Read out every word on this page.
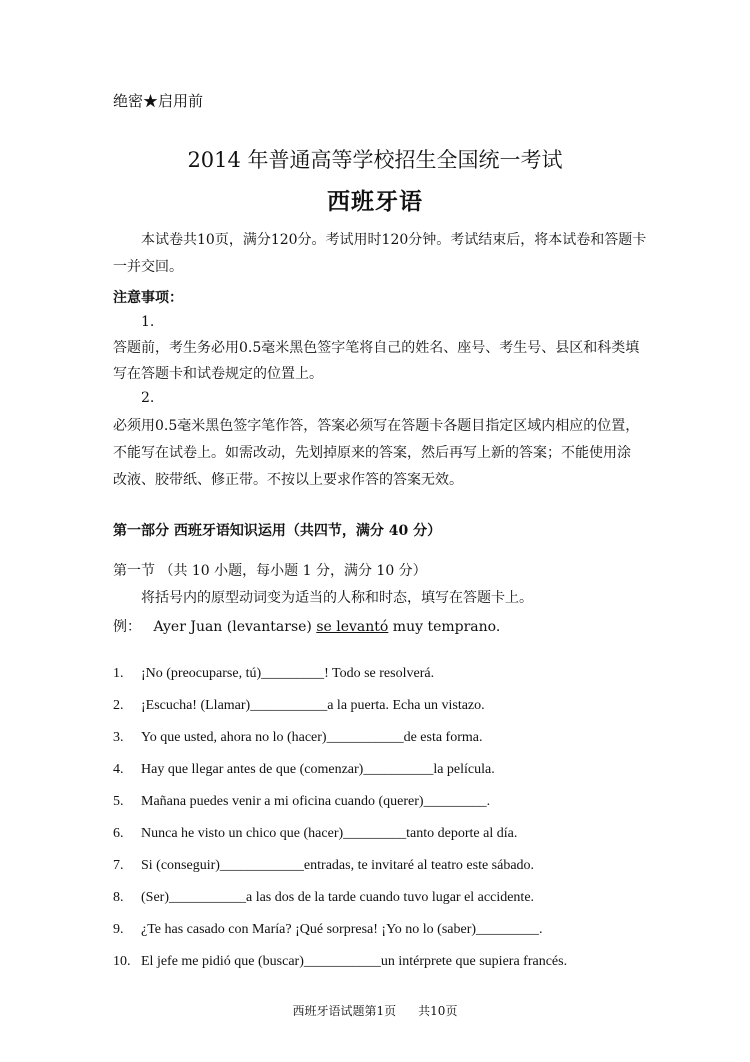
绝密★启用前
2014 年普通高等学校招生全国统一考试
西班牙语
本试卷共10页，满分120分。考试用时120分钟。考试结束后，将本试卷和答题卡
一并交回。
注意事项：
1.
答题前，考生务必用0.5毫米黑色签字笔将自己的姓名、座号、考生号、县区和科类填
写在答题卡和试卷规定的位置上。
2.
必须用0.5毫米黑色签字笔作答，答案必须写在答题卡各题目指定区域内相应的位置，
不能写在试卷上。如需改动，先划掉原来的答案，然后再写上新的答案；不能使用涂
改液、胶带纸、修正带。不按以上要求作答的答案无效。
第一部分 西班牙语知识运用（共四节，满分 40 分）
第一节 （共 10 小题，每小题 1 分，满分 10 分）
将括号内的原型动词变为适当的人称和时态，填写在答题卡上。
例： Ayer Juan (levantarse) se levantó muy temprano.
1. ¡No (preocuparse, tú)_________! Todo se resolverá.
2. ¡Escucha! (Llamar)___________a la puerta. Echa un vistazo.
3. Yo que usted, ahora no lo (hacer)___________de esta forma.
4. Hay que llegar antes de que (comenzar)__________la película.
5. Mañana puedes venir a mi oficina cuando (querer)_________.
6. Nunca he visto un chico que (hacer)_________tanto deporte al día.
7. Si (conseguir)____________entradas, te invitaré al teatro este sábado.
8. (Ser)___________a las dos de la tarde cuando tuvo lugar el accidente.
9. ¿Te has casado con María? ¡Qué sorpresa! ¡Yo no lo (saber)_________.
10. El jefe me pidió que (buscar)___________un intérprete que supiera francés.
西班牙语试题第1页 共10页
